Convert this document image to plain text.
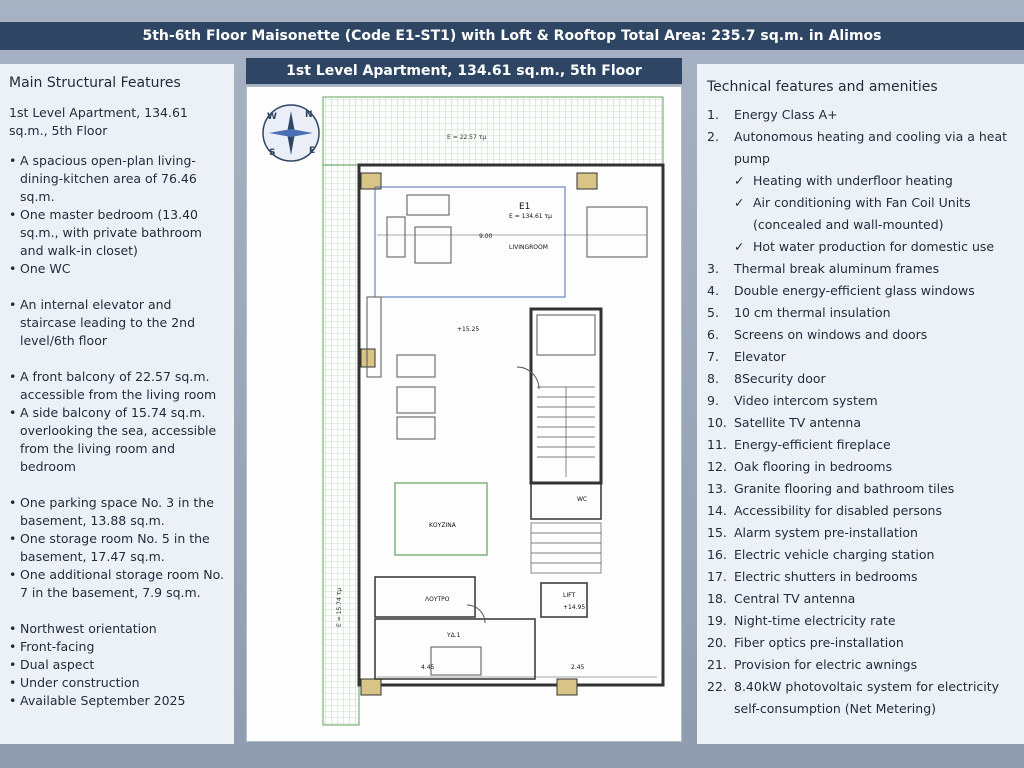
5th-6th Floor Maisonette (Code E1-ST1) with Loft & Rooftop Total Area: 235.7 sq.m. in Alimos
Main Structural Features
1st Level Apartment, 134.61 sq.m., 5th Floor
• A spacious open-plan living-dining-kitchen area of 76.46 sq.m.
• One master bedroom (13.40 sq.m., with private bathroom and walk-in closet)
• One WC
• An internal elevator and staircase leading to the 2nd level/6th floor
• A front balcony of 22.57 sq.m. accessible from the living room
• A side balcony of 15.74 sq.m. overlooking the sea, accessible from the living room and bedroom
• One parking space No. 3 in the basement, 13.88 sq.m.
• One storage room No. 5 in the basement, 17.47 sq.m.
• One additional storage room No. 7 in the basement, 7.9 sq.m.
• Northwest orientation
• Front-facing
• Dual aspect
• Under construction
• Available September 2025
1st Level Apartment, 134.61 sq.m., 5th Floor
E = 22.57 τμ
E = 15.74 τμ
E1
E = 134.61 τμ
LIVINGROOM
9.00
+15.25
ΚΟΥΖΙΝΑ
WC
ΛΟΥΤΡΟ
LIFT
+14.95
ΥΔ.1
4.45	2.45
N
E
S
W
Technical features and amenities
1.	Energy Class A+
2.	Autonomous heating and cooling via a heat pump
✓ Heating with underfloor heating
✓ Air conditioning with Fan Coil Units (concealed and wall-mounted)
✓ Hot water production for domestic use
3.	Thermal break aluminum frames
4.	Double energy-efficient glass windows
5.	10 cm thermal insulation
6.	Screens on windows and doors
7.	Elevator
8.	8Security door
9.	Video intercom system
10. Satellite TV antenna
11. Energy-efficient fireplace
12. Oak flooring in bedrooms
13. Granite flooring and bathroom tiles
14. Accessibility for disabled persons
15. Alarm system pre-installation
16. Electric vehicle charging station
17. Electric shutters in bedrooms
18. Central TV antenna
19. Night-time electricity rate
20. Fiber optics pre-installation
21. Provision for electric awnings
22. 8.40kW photovoltaic system for electricity self-consumption (Net Metering)
